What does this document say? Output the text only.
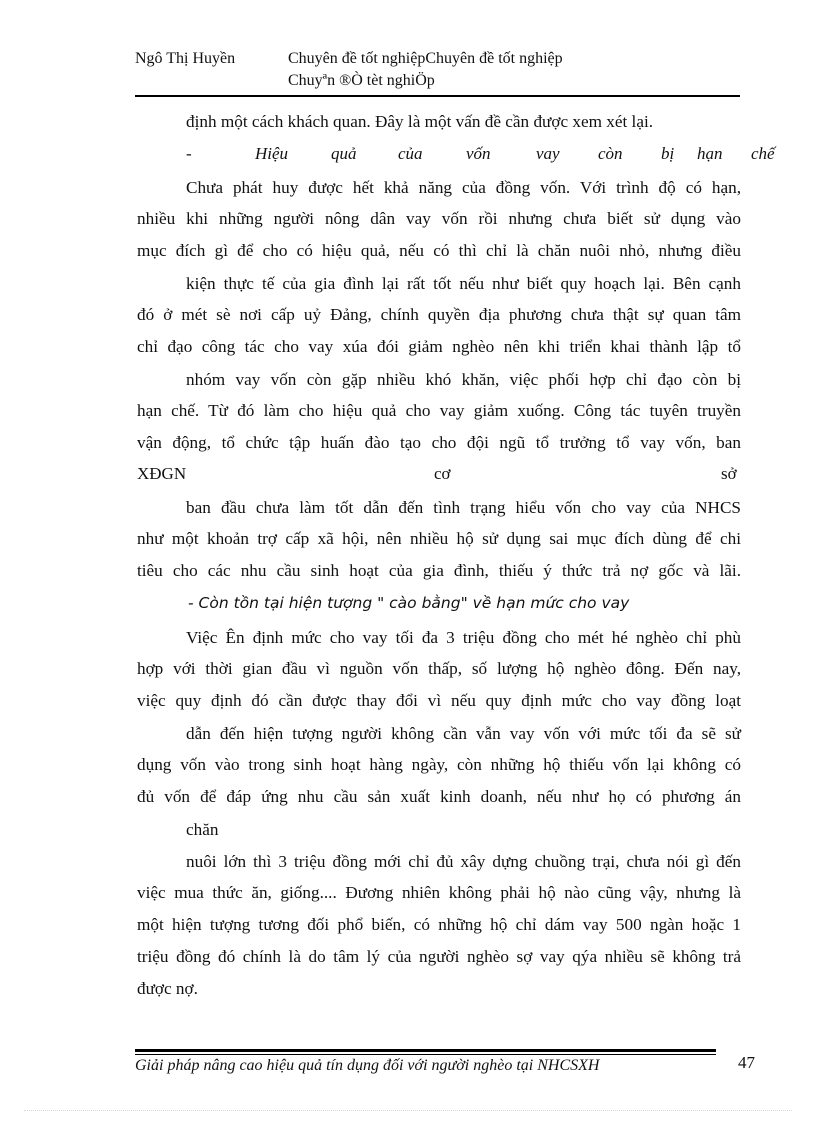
Ngô Thị Huyền	Chuyên đề tốt nghiệpChuyên đề tốt nghiệp
Chuyªn ®Ò tèt nghiÖp
định một cách khách quan. Đây là một vấn đề cần được xem xét lại.
-	Hiệu	quả của	vốn	vay còn bị hạn chế
Chưa phát huy được hết khả năng của đồng vốn. Với trình độ có hạn,
nhiều khi những người nông dân vay vốn rồi nhưng chưa biết sử dụng vào
mục đích gì để cho có hiệu quả, nếu có thì chỉ là chăn nuôi nhỏ, nhưng điều
kiện thực tế của gia đình lại rất tốt nếu như biết quy hoạch lại. Bên cạnh
đó ở mét sè nơi cấp uỷ Đảng, chính quyền địa phương chưa thật sự quan tâm
chỉ đạo công tác cho vay xúa đói giảm nghèo nên khi triển khai thành lập tổ
nhóm vay vốn còn gặp nhiều khó khăn, việc phối hợp chỉ đạo còn bị
hạn chế. Từ đó làm cho hiệu quả cho vay giảm xuống. Công tác tuyên truyền
vận động, tổ chức tập huấn đào tạo cho đội ngũ tổ trưởng tổ vay vốn, ban
XĐGN	cơ	sở
ban đầu chưa làm tốt dẫn đến tình trạng hiểu vốn cho vay của NHCS
như một khoản trợ cấp xã hội, nên nhiều hộ sử dụng sai mục đích dùng để chi
tiêu cho các nhu cầu sinh hoạt của gia đình, thiếu ý thức trả nợ gốc và lãi.
- Còn tồn tại hiện tượng " cào bằng" về hạn mức cho vay
Việc Ên định mức cho vay tối đa 3 triệu đồng cho mét hé nghèo chỉ phù
hợp với thời gian đầu vì nguồn vốn thấp, số lượng hộ nghèo đông. Đến nay,
việc quy định đó cần được thay đổi vì nếu quy định mức cho vay đồng loạt
dẫn đến hiện tượng người không cần vẫn vay vốn với mức tối đa sẽ sử
dụng vốn vào trong sinh hoạt hàng ngày, còn những hộ thiếu vốn lại không có
đủ vốn để đáp ứng nhu cầu sản xuất kinh doanh, nếu như họ có phương án
chăn
nuôi lớn thì 3 triệu đồng mới chỉ đủ xây dựng chuồng trại, chưa nói gì đến
việc mua thức ăn, giống.... Đương nhiên không phải hộ nào cũng vậy, nhưng là
một hiện tượng tương đối phổ biến, có những hộ chỉ dám vay 500 ngàn hoặc 1
triệu đồng đó chính là do tâm lý của người nghèo sợ vay qýa nhiều sẽ không trả
được nợ.
Giải pháp nâng cao hiệu quả tín dụng đối với người nghèo tại NHCSXH	47
